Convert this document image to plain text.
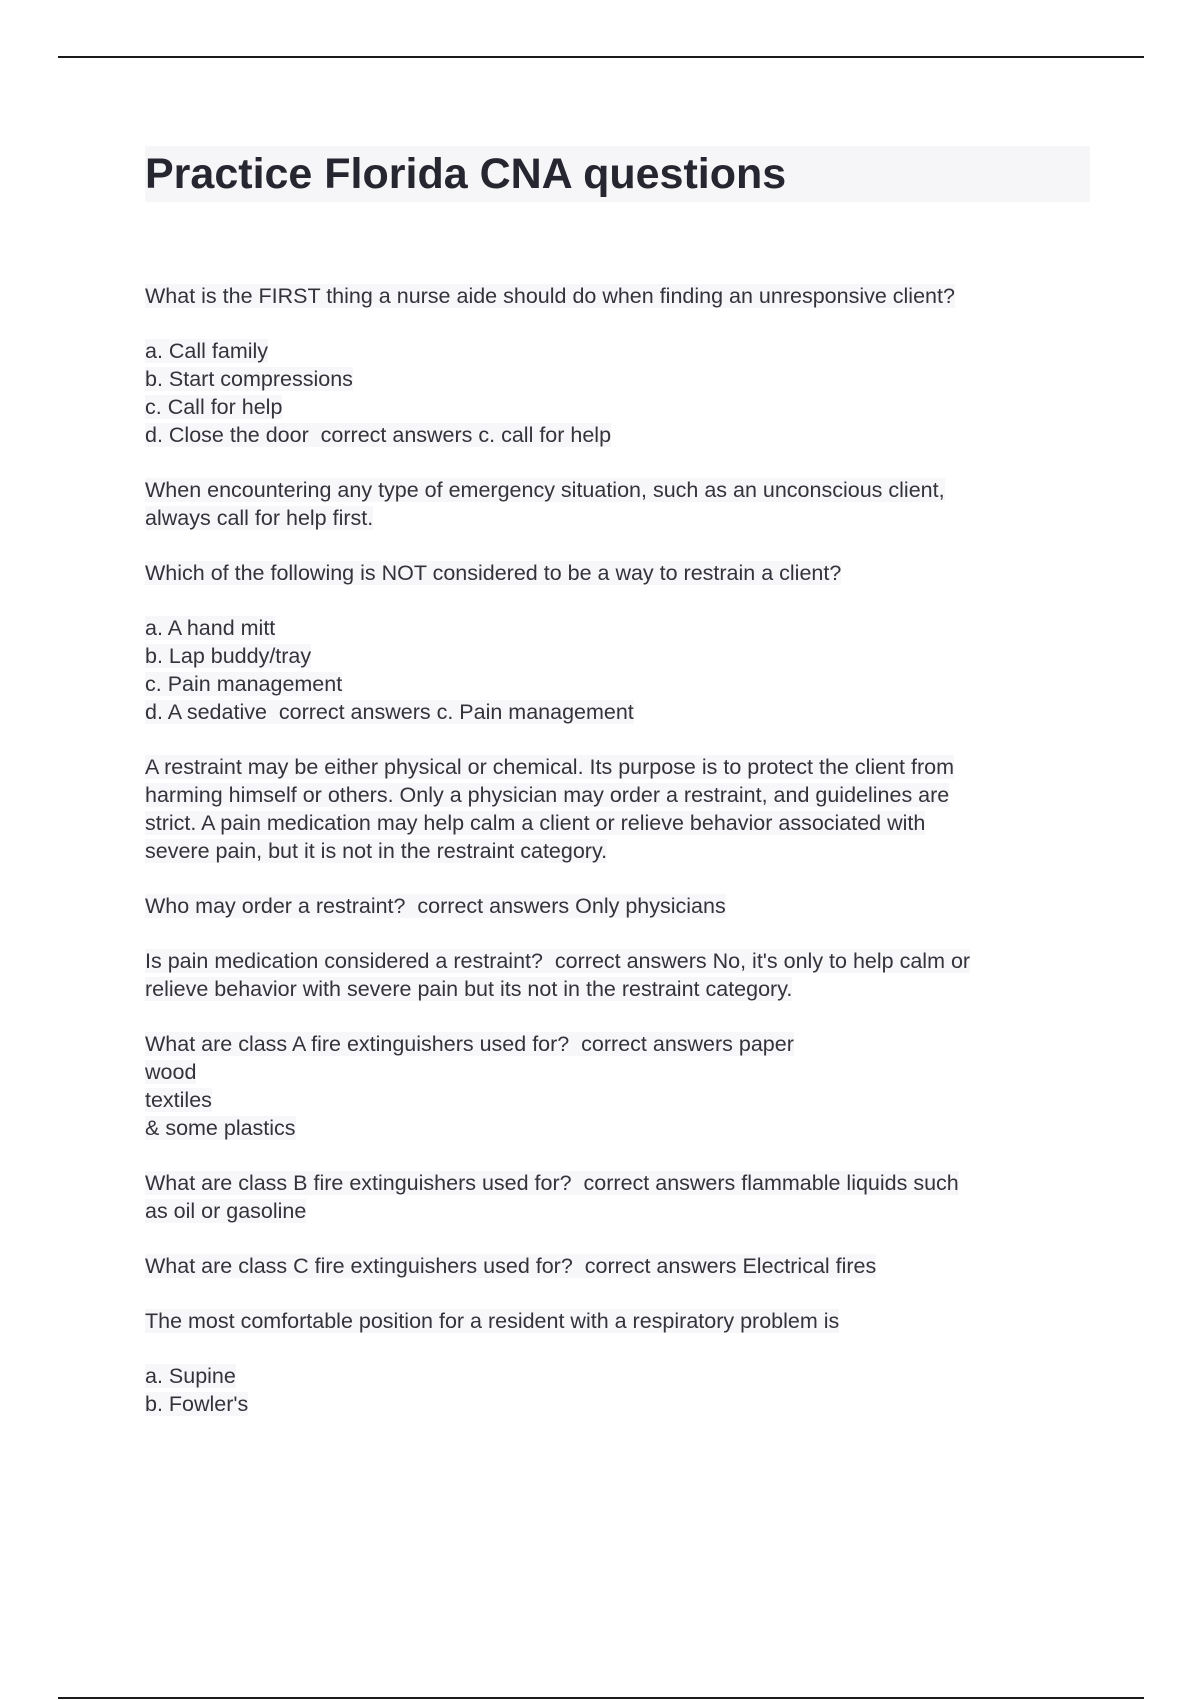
Practice Florida CNA questions
What is the FIRST thing a nurse aide should do when finding an unresponsive client?
a. Call family
b. Start compressions
c. Call for help
d. Close the door  correct answers c. call for help
When encountering any type of emergency situation, such as an unconscious client,
always call for help first.
Which of the following is NOT considered to be a way to restrain a client?
a. A hand mitt
b. Lap buddy/tray
c. Pain management
d. A sedative  correct answers c. Pain management
A restraint may be either physical or chemical. Its purpose is to protect the client from
harming himself or others. Only a physician may order a restraint, and guidelines are
strict. A pain medication may help calm a client or relieve behavior associated with
severe pain, but it is not in the restraint category.
Who may order a restraint?  correct answers Only physicians
Is pain medication considered a restraint?  correct answers No, it's only to help calm or
relieve behavior with severe pain but its not in the restraint category.
What are class A fire extinguishers used for?  correct answers paper
wood
textiles
& some plastics
What are class B fire extinguishers used for?  correct answers flammable liquids such
as oil or gasoline
What are class C fire extinguishers used for?  correct answers Electrical fires
The most comfortable position for a resident with a respiratory problem is
a. Supine
b. Fowler's
